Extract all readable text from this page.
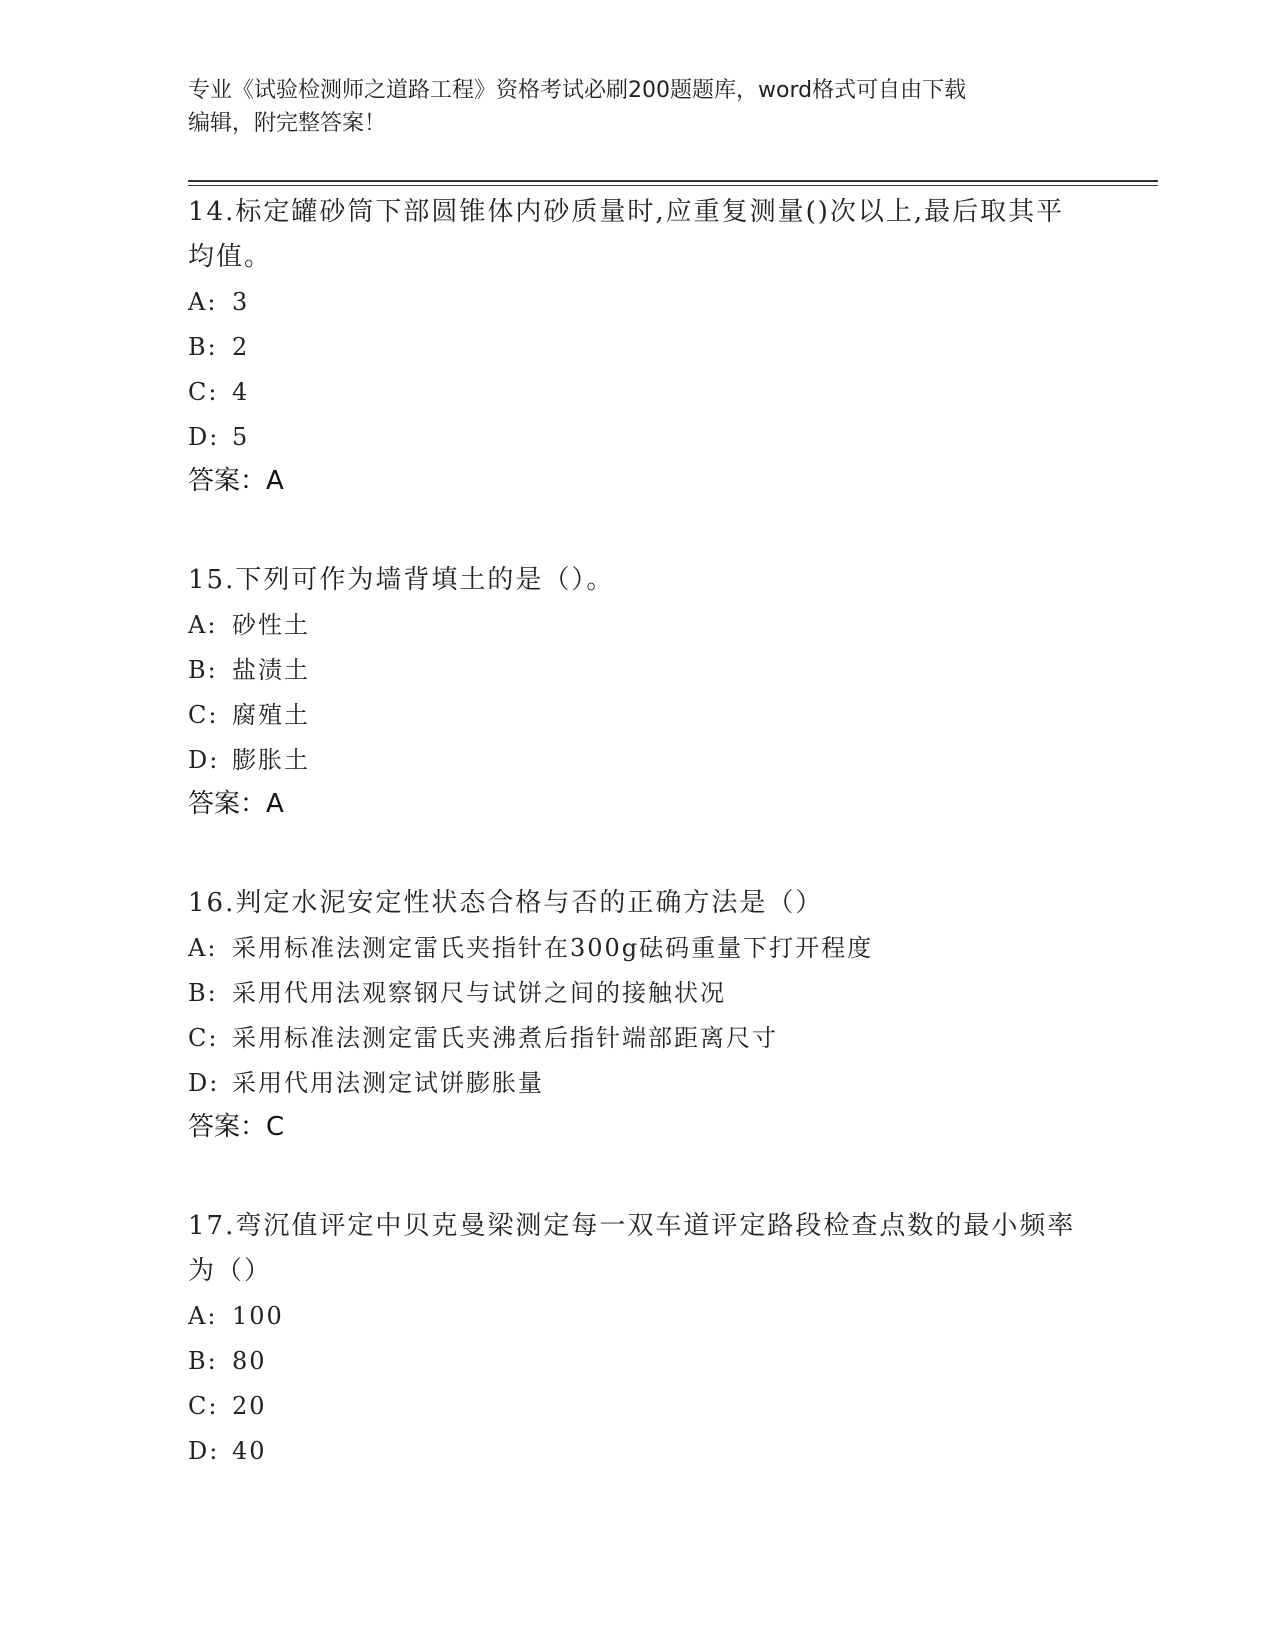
专业《试验检测师之道路工程》资格考试必刷200题题库，word格式可自由下载
编辑，附完整答案！

14.标定罐砂筒下部圆锥体内砂质量时,应重复测量()次以上,最后取其平均值。

A: 3
B: 2
C: 4
D: 5
答案：A

15.下列可作为墙背填土的是（）。

A: 砂性土
B: 盐渍土
C: 腐殖土
D: 膨胀土
答案：A

16.判定水泥安定性状态合格与否的正确方法是（）

A: 采用标准法测定雷氏夹指针在300g砝码重量下打开程度
B: 采用代用法观察钢尺与试饼之间的接触状况
C: 采用标准法测定雷氏夹沸煮后指针端部距离尺寸
D: 采用代用法测定试饼膨胀量
答案：C

17.弯沉值评定中贝克曼梁测定每一双车道评定路段检查点数的最小频率为（）

A: 100
B: 80
C: 20
D: 40
